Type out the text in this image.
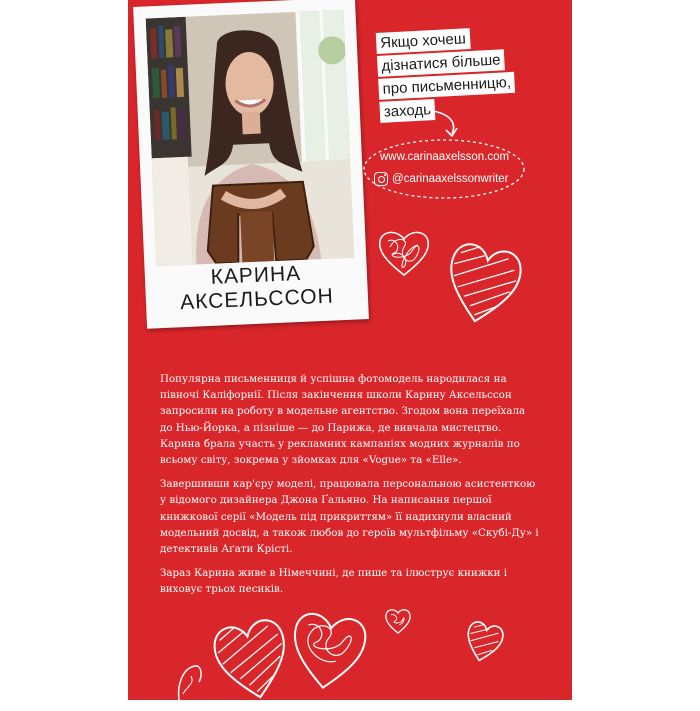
КАРИНА
АКСЕЛЬССОН
Якщо хочеш
дізнатися більше
про письменницю,
заходь
www.carinaaxelsson.com
@carinaaxelssonwriter

Популярна письменниця й успішна фотомодель народилася на півночі Каліфорнії. Після закінчення школи Карину Аксельссон запросили на роботу в модельне агентство. Згодом вона переїхала до Нью-Йорка, а пізніше — до Парижа, де вивчала мистецтво. Карина брала участь у рекламних кампаніях модних журналів по всьому світу, зокрема у зйомках для «Vogue» та «Elle».

Завершивши кар'єру моделі, працювала персональною асистенткою у відомого дизайнера Джона Ґальяно. На написання першої книжкової серії «Модель під прикриттям» її надихнули власний модельний досвід, а також любов до героїв мультфільму «Скубі-Ду» і детективів Аґати Крісті.

Зараз Карина живе в Німеччині, де пише та ілюструє книжки і виховує трьох песиків.
